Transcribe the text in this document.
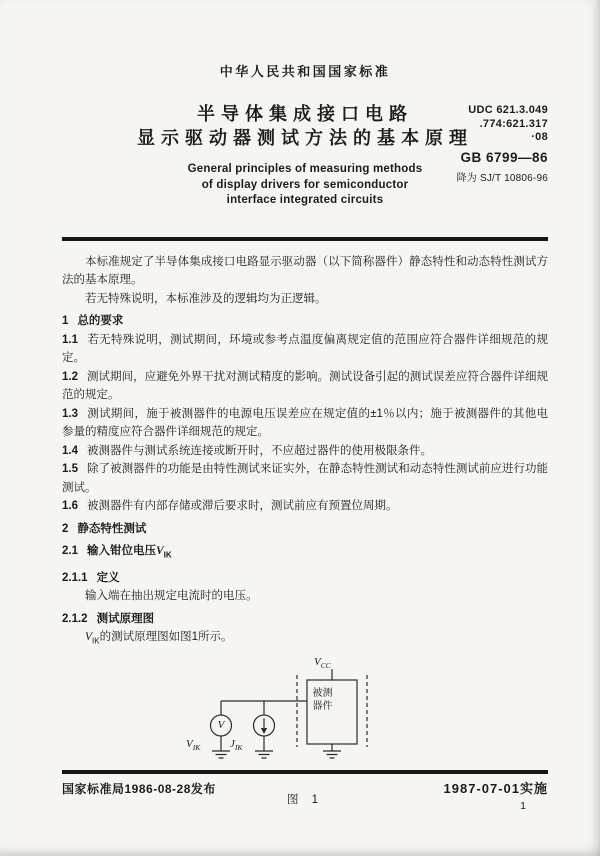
中华人民共和国国家标准
半导体集成接口电路
显示驱动器测试方法的基本原理
General principles of measuring methods
of display drivers for semiconductor
interface integrated circuits
UDC 621.3.049
.774:621.317
·08
GB 6799—86
降为 SJ/T 10806-96

本标准规定了半导体集成接口电路显示驱动器（以下简称器件）静态特性和动态特性测试方法的基本原理。

若无特殊说明，本标准涉及的逻辑均为正逻辑。

1 总的要求

1.1 若无特殊说明，测试期间，环境或参考点温度偏离规定值的范围应符合器件详细规范的规定。

1.2 测试期间，应避免外界干扰对测试精度的影响。测试设备引起的测试误差应符合器件详细规范的规定。

1.3 测试期间，施于被测器件的电源电压误差应在规定值的±1％以内；施于被测器件的其他电参量的精度应符合器件详细规范的规定。

1.4 被测器件与测试系统连接或断开时，不应超过器件的使用极限条件。

1.5 除了被测器件的功能是由特性测试来证实外，在静态特性测试和动态特性测试前应进行功能测试。

1.6 被测器件有内部存储或滞后要求时，测试前应有预置位周期。

2 静态特性测试

2.1 输入钳位电压$V_{IK}$

2.1.1 定义

输入端在抽出规定电流时的电压。

2.1.2 测试原理图

$V_{IK}$的测试原理图如图1所示。

$V_{CC}$
被测器件
V
$V_{IK}$	$J_{IK}$

图 1

国家标准局1986-08-28发布	1987-07-01实施
1
